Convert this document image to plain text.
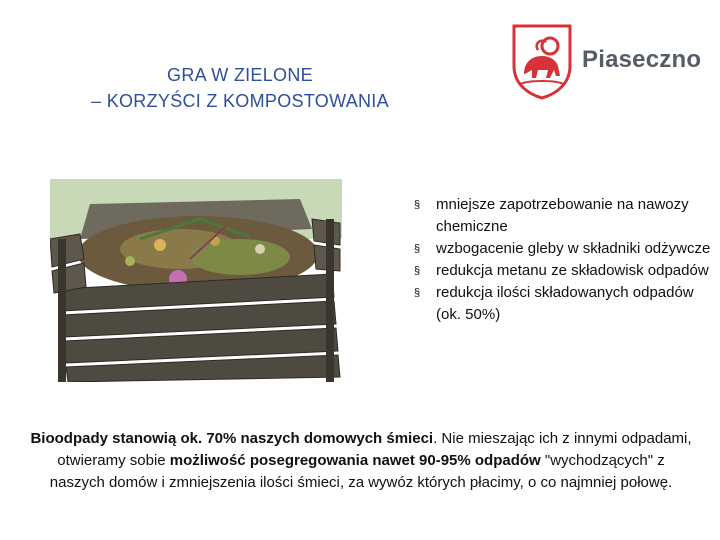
GRA W ZIELONE
– KORZYŚCI Z KOMPOSTOWANIA
Piaseczno
§ mniejsze zapotrzebowanie na nawozy chemiczne
§ wzbogacenie gleby w składniki odżywcze
§ redukcja metanu ze składowisk odpadów
§ redukcja ilości składowanych odpadów (ok. 50%)
Bioodpady stanowią ok. 70% naszych domowych śmieci. Nie mieszając ich z innymi odpadami, otwieramy sobie możliwość posegregowania nawet 90-95% odpadów "wychodzących" z naszych domów i zmniejszenia ilości śmieci, za wywóz których płacimy, o co najmniej połowę.
